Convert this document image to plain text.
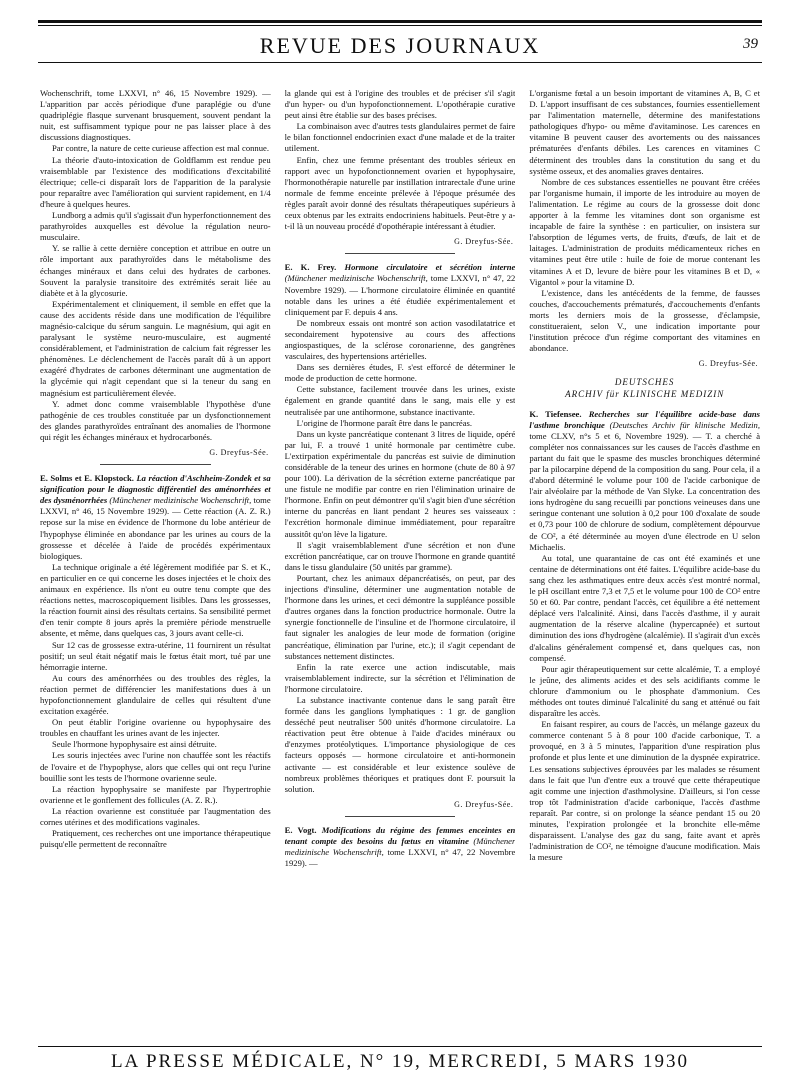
REVUE DES JOURNAUX	39

Wochenschrift, tome LXXVI, n° 46, 15 Novembre 1929). — L'apparition par accès périodique d'une paraplégie ou d'une quadriplégie flasque survenant brusquement, souvent pendant la nuit, est suffisamment typique pour ne pas laisser place à des discussions diagnostiques.

Par contre, la nature de cette curieuse affection est mal connue.

La théorie d'auto-intoxication de Goldflamm est rendue peu vraisemblable par l'existence des modifications d'excitabilité électrique; celle-ci disparaît lors de l'apparition de la paralysie pour reparaître avec l'amélioration qui survient rapidement, en 1/4 d'heure à quelques heures.

Lundborg a admis qu'il s'agissait d'un hyperfonctionnement des parathyroïdes auxquelles est dévolue la régulation neuro-musculaire.

Y. se rallie à cette dernière conception et attribue en outre un rôle important aux parathyroïdes dans le métabolisme des échanges minéraux et dans celui des hydrates de carbones. Souvent la paralysie transitoire des extrémités serait liée au diabète et à la glycosurie.

Expérimentalement et cliniquement, il semble en effet que la cause des accidents réside dans une modification de l'équilibre magnésio-calcique du sérum sanguin. Le magnésium, qui agit en paralysant le système neuro-musculaire, est augmenté considérablement, et l'administration de calcium fait régresser les phénomènes. Le déclenchement de l'accès paraît dû à un apport exagéré d'hydrates de carbones déterminant une augmentation de la glycémie qui n'agit cependant que si la teneur du sang en magnésium est particulièrement élevée.

Y. admet donc comme vraisemblable l'hypothèse d'une pathogénie de ces troubles constituée par un dysfonctionnement des glandes parathyroïdes entraînant des anomalies de l'hormone qui régit les échanges minéraux et hydrocarbonés.

G. Dreyfus-Sée.

E. Solms et E. Klopstock. La réaction d'Aschheim-Zondek et sa signification pour le diagnostic différentiel des aménorrhées et des dysménorrhées (Münchener medizinische Wochenschrift, tome LXXVI, n° 46, 15 Novembre 1929). — Cette réaction (A. Z. R.) repose sur la mise en évidence de l'hormone du lobe antérieur de l'hypophyse éliminée en abondance par les urines au cours de la grossesse et décelée à l'aide de procédés expérimentaux biologiques.

La technique originale a été légèrement modifiée par S. et K., en particulier en ce qui concerne les doses injectées et le choix des animaux en expérience. Ils n'ont eu outre tenu compte que des réactions nettes, macroscopiquement lisibles. Dans les grossesses, la réaction fournit ainsi des résultats certains. Sa sensibilité permet d'en tenir compte 8 jours après la première période menstruelle absente, et même, dans quelques cas, 3 jours avant celle-ci.

Sur 12 cas de grossesse extra-utérine, 11 fournirent un résultat positif; un seul était négatif mais le fœtus était mort, tué par une hémorragie interne.

Au cours des aménorrhées ou des troubles des règles, la réaction permet de différencier les manifestations dues à un hypofonctionnement glandulaire de celles qui résultent d'une excitation exagérée.

On peut établir l'origine ovarienne ou hypophysaire des troubles en chauffant les urines avant de les injecter.

Seule l'hormone hypophysaire est ainsi détruite.

Les souris injectées avec l'urine non chauffée sont les réactifs de l'ovaire et de l'hypophyse, alors que celles qui ont reçu l'urine bouillie sont les tests de l'hormone ovarienne seule.

La réaction hypophysaire se manifeste par l'hypertrophie ovarienne et le gonflement des follicules (A. Z. R.).

La réaction ovarienne est constituée par l'augmentation des cornes utérines et des modifications vaginales.

Pratiquement, ces recherches ont une importance thérapeutique puisqu'elle permettent de reconnaître

la glande qui est à l'origine des troubles et de préciser s'il s'agit d'un hyper- ou d'un hypofonctionnement. L'opothérapie curative peut ainsi être établie sur des bases précises.

La combinaison avec d'autres tests glandulaires permet de faire le bilan fonctionnel endocrinien exact d'une malade et de la traiter utilement.

Enfin, chez une femme présentant des troubles sérieux en rapport avec un hypofonctionnement ovarien et hypophysaire, l'hormonothérapie naturelle par instillation intrarectale d'une urine normale de femme enceinte prélevée à l'époque présumée des règles paraît avoir donné des résultats thérapeutiques supérieurs à ceux obtenus par les extraits endocriniens habituels. Peut-être y a-t-il là un nouveau procédé d'opothérapie intéressant à étudier.

G. Dreyfus-Sée.

E. K. Frey. Hormone circulatoire et sécrétion interne (Münchener medizinische Wochenschrift, tome LXXVI, n° 47, 22 Novembre 1929). — L'hormone circulatoire éliminée en quantité notable dans les urines a été étudiée expérimentalement et cliniquement par F. depuis 4 ans.

De nombreux essais ont montré son action vasodilatatrice et secondairement hypotensive au cours des affections angiospastiques, de la sclérose coronarienne, des gangrènes vasculaires, des hypertensions artérielles.

Dans ses dernières études, F. s'est efforcé de déterminer le mode de production de cette hormone.

Cette substance, facilement trouvée dans les urines, existe également en grande quantité dans le sang, mais elle y est neutralisée par une antihormone, substance inactivante.

L'origine de l'hormone paraît être dans le pancréas.

Dans un kyste pancréatique contenant 3 litres de liquide, opéré par lui, F. a trouvé 1 unité hormonale par centimètre cube. L'extirpation expérimentale du pancréas est suivie de diminution considérable de la teneur des urines en hormone (chute de 80 à 97 pour 100). La dérivation de la sécrétion externe pancréatique par une fistule ne modifie par contre en rien l'élimination urinaire de l'hormone. Enfin on peut démontrer qu'il s'agit bien d'une sécrétion interne du pancréas en liant pendant 2 heures ses vaisseaux : l'excrétion hormonale diminue immédiatement, pour reparaître aussitôt qu'on lève la ligature.

Il s'agit vraisemblablement d'une sécrétion et non d'une excrétion pancréatique, car on trouve l'hormone en grande quantité dans le tissu glandulaire (50 unités par gramme).

Pourtant, chez les animaux dépancréatisés, on peut, par des injections d'insuline, déterminer une augmentation notable de l'hormone dans les urines, et ceci démontre la suppléance possible d'autres organes dans la fonction productrice hormonale. Outre la synergie fonctionnelle de l'insuline et de l'hormone circulatoire, il faut signaler les analogies de leur mode de formation (origine pancréatique, élimination par l'urine, etc.); il s'agit cependant de substances nettement distinctes.

Enfin la rate exerce une action indiscutable, mais vraisemblablement indirecte, sur la sécrétion et l'élimination de l'hormone circulatoire.

La substance inactivante contenue dans le sang paraît être formée dans les ganglions lymphatiques : 1 gr. de ganglion desséché peut neutraliser 500 unités d'hormone circulatoire. La réactivation peut être obtenue à l'aide d'acides minéraux ou d'enzymes protéolytiques. L'importance physiologique de ces facteurs opposés — hormone circulatoire et anti-hormonein activante — est considérable et leur existence soulève de nombreux problèmes théoriques et pratiques dont F. poursuit la solution.

G. Dreyfus-Sée.

E. Vogt. Modifications du régime des femmes enceintes en tenant compte des besoins du fœtus en vitamine (Münchener medizinische Wochenschrift, tome LXXVI, n° 47, 22 Novembre 1929). —

L'organisme fœtal a un besoin important de vitamines A, B, C et D. L'apport insuffisant de ces substances, fournies essentiellement par l'alimentation maternelle, détermine des manifestations pathologiques d'hypo- ou même d'avitaminose. Les carences en vitamine B peuvent causer des avortements ou des naissances prématurées d'enfants débiles. Les carences en vitamines C déterminent des troubles dans la constitution du sang et du système osseux, et des anomalies graves dentaires.

Nombre de ces substances essentielles ne pouvant être créées par l'organisme humain, il importe de les introduire au moyen de l'alimentation. Le régime au cours de la grossesse doit donc apporter à la femme les vitamines dont son organisme est incapable de faire la synthèse : en particulier, on insistera sur l'absorption de légumes verts, de fruits, d'œufs, de lait et de laitages. L'administration de produits médicamenteux riches en vitamines peut être utile : huile de foie de morue contenant les vitamines A et D, levure de bière pour les vitamines B et D, « Vigantol » pour la vitamine D.

L'existence, dans les antécédents de la femme, de fausses couches, d'accouchements prématurés, d'accouchements d'enfants morts les derniers mois de la grossesse, d'éclampsie, constitueraient, selon V., une indication importante pour l'institution précoce d'un régime comportant des vitamines en abondance.

G. Dreyfus-Sée.
DEUTSCHES
ARCHIV für KLINISCHE MEDIZIN

K. Tiefensee. Recherches sur l'équilibre acide-base dans l'asthme bronchique (Deutsches Archiv für klinische Medizin, tome CLXV, n°s 5 et 6, Novembre 1929). — T. a cherché à compléter nos connaissances sur les causes de l'accès d'asthme en partant du fait que le spasme des muscles bronchiques déterminé par la pilocarpine dépend de la composition du sang. Pour cela, il a d'abord déterminé le volume pour 100 de l'acide carbonique de l'air alvéolaire par la méthode de Van Slyke. La concentration des ions hydrogène du sang recueilli par ponctions veineuses dans une seringue contenant une solution à 0,2 pour 100 d'oxalate de soude et 0,73 pour 100 de chlorure de sodium, complètement dépourvue de CO², a été déterminée au moyen d'une électrode en U selon Michaelis.

Au total, une quarantaine de cas ont été examinés et une centaine de déterminations ont été faites. L'équilibre acide-base du sang chez les asthmatiques entre deux accès s'est montré normal, le pH oscillant entre 7,3 et 7,5 et le volume pour 100 de CO² entre 50 et 60. Par contre, pendant l'accès, cet équilibre a été nettement déplacé vers l'alcalinité. Ainsi, dans l'accès d'asthme, il y aurait augmentation de la réserve alcaline (hypercapnée) et surtout diminution des ions d'hydrogène (alcalémie). Il s'agirait d'un excès d'alcalins généralement compensé et, dans quelques cas, non compensé.

Pour agir thérapeutiquement sur cette alcalémie, T. a employé le jeûne, des aliments acides et des sels acidifiants comme le chlorure d'ammonium ou le phosphate d'ammonium. Ces méthodes ont toutes diminué l'alcalinité du sang et atténué ou fait disparaître les accès.

En faisant respirer, au cours de l'accès, un mélange gazeux du commerce contenant 5 à 8 pour 100 d'acide carbonique, T. a provoqué, en 3 à 5 minutes, l'apparition d'une respiration plus profonde et plus lente et une diminution de la dyspnée expiratrice. Les sensations subjectives éprouvées par les malades se résument dans le fait que l'un d'entre eux a trouvé que cette thérapeutique agit comme une injection d'asthmolysine. D'ailleurs, si l'on cesse trop tôt l'administration d'acide carbonique, l'accès d'asthme reparaît. Par contre, si on prolonge la séance pendant 15 ou 20 minutes, l'expiration prolongée et la bronchite elle-même disparaissent. L'analyse des gaz du sang, faite avant et après l'administration de CO², ne témoigne d'aucune modification. Mais la mesure

LA PRESSE MÉDICALE, N° 19, MERCREDI, 5 MARS 1930
